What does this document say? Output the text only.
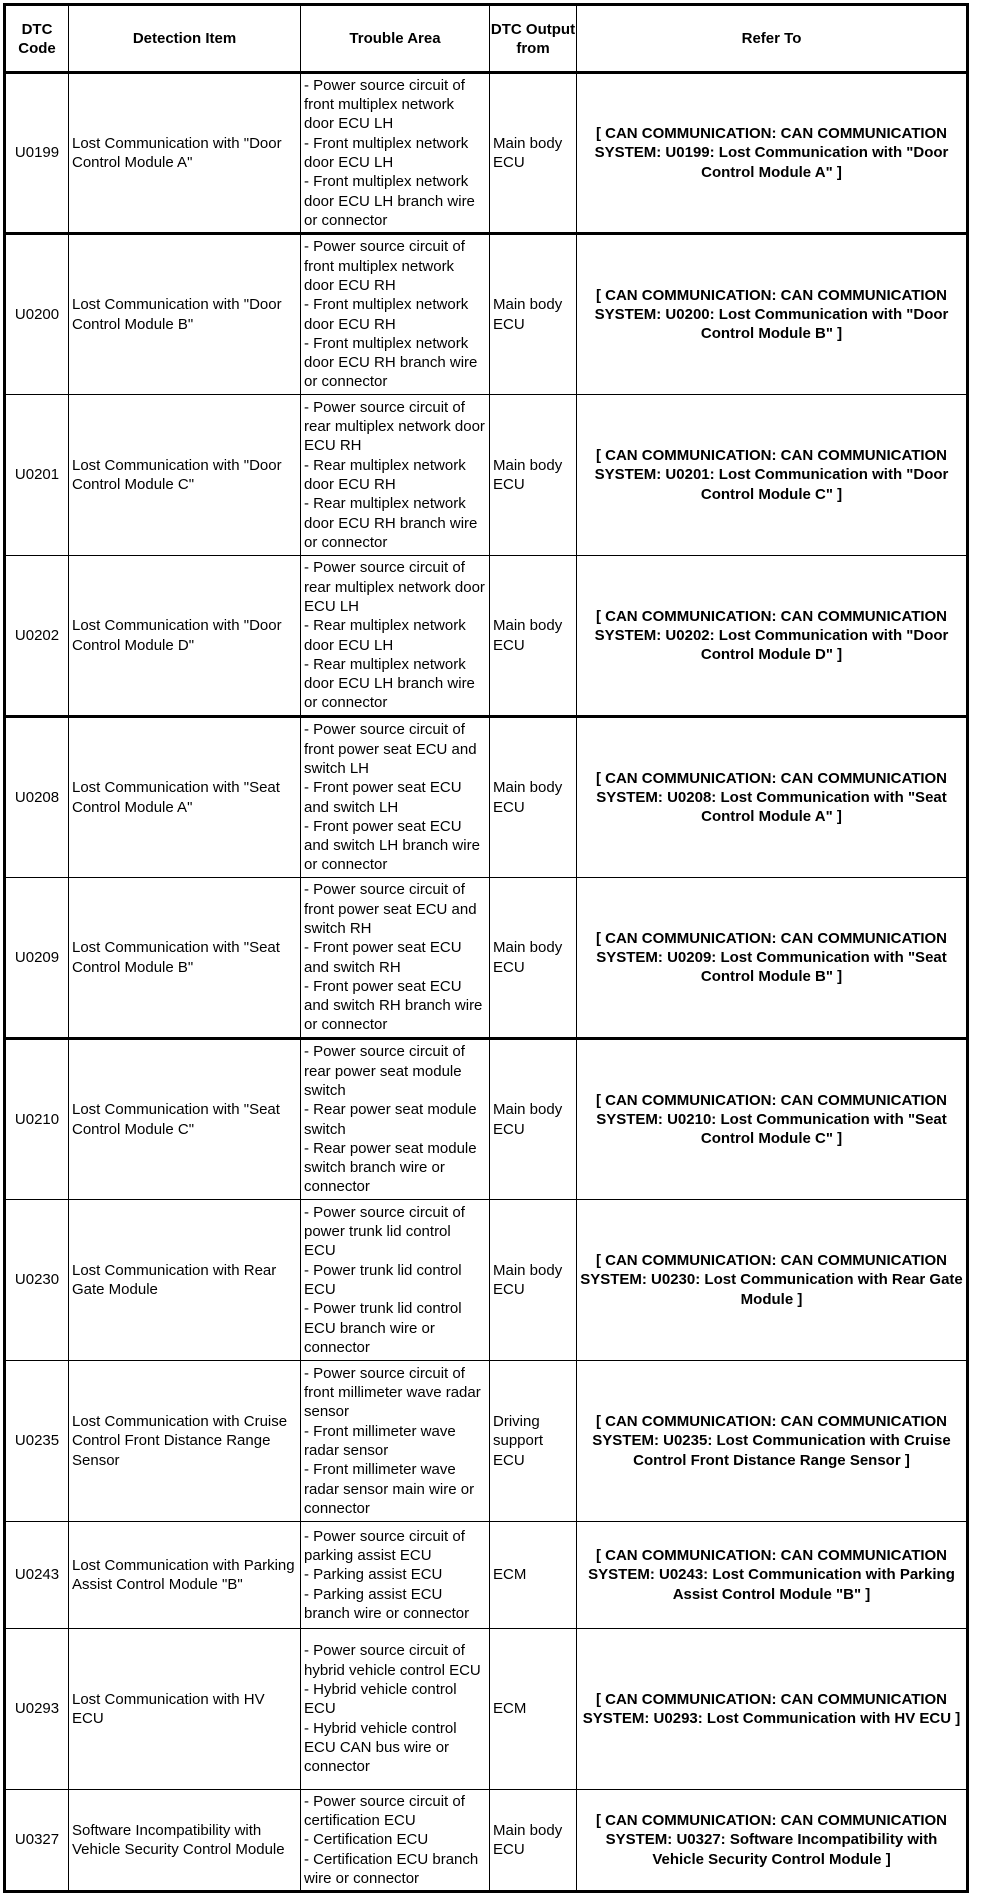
DTC Code	Detection Item	Trouble Area	DTC Output from	Refer To
U0199	Lost Communication with "Door Control Module A"	- Power source circuit of front multiplex network door ECU LH
- Front multiplex network door ECU LH
- Front multiplex network door ECU LH branch wire or connector	Main body ECU	[ CAN COMMUNICATION: CAN COMMUNICATION SYSTEM: U0199: Lost Communication with "Door Control Module A" ]
U0200	Lost Communication with "Door Control Module B"	- Power source circuit of front multiplex network door ECU RH
- Front multiplex network door ECU RH
- Front multiplex network door ECU RH branch wire or connector	Main body ECU	[ CAN COMMUNICATION: CAN COMMUNICATION SYSTEM: U0200: Lost Communication with "Door Control Module B" ]
U0201	Lost Communication with "Door Control Module C"	- Power source circuit of rear multiplex network door ECU RH
- Rear multiplex network door ECU RH
- Rear multiplex network door ECU RH branch wire or connector	Main body ECU	[ CAN COMMUNICATION: CAN COMMUNICATION SYSTEM: U0201: Lost Communication with "Door Control Module C" ]
U0202	Lost Communication with "Door Control Module D"	- Power source circuit of rear multiplex network door ECU LH
- Rear multiplex network door ECU LH
- Rear multiplex network door ECU LH branch wire or connector	Main body ECU	[ CAN COMMUNICATION: CAN COMMUNICATION SYSTEM: U0202: Lost Communication with "Door Control Module D" ]
U0208	Lost Communication with "Seat Control Module A"	- Power source circuit of front power seat ECU and switch LH
- Front power seat ECU and switch LH
- Front power seat ECU and switch LH branch wire or connector	Main body ECU	[ CAN COMMUNICATION: CAN COMMUNICATION SYSTEM: U0208: Lost Communication with "Seat Control Module A" ]
U0209	Lost Communication with "Seat Control Module B"	- Power source circuit of front power seat ECU and switch RH
- Front power seat ECU and switch RH
- Front power seat ECU and switch RH branch wire or connector	Main body ECU	[ CAN COMMUNICATION: CAN COMMUNICATION SYSTEM: U0209: Lost Communication with "Seat Control Module B" ]
U0210	Lost Communication with "Seat Control Module C"	- Power source circuit of rear power seat module switch
- Rear power seat module switch
- Rear power seat module switch branch wire or connector	Main body ECU	[ CAN COMMUNICATION: CAN COMMUNICATION SYSTEM: U0210: Lost Communication with "Seat Control Module C" ]
U0230	Lost Communication with Rear Gate Module	- Power source circuit of power trunk lid control ECU
- Power trunk lid control ECU
- Power trunk lid control ECU branch wire or connector	Main body ECU	[ CAN COMMUNICATION: CAN COMMUNICATION SYSTEM: U0230: Lost Communication with Rear Gate Module ]
U0235	Lost Communication with Cruise Control Front Distance Range Sensor	- Power source circuit of front millimeter wave radar sensor
- Front millimeter wave radar sensor
- Front millimeter wave radar sensor main wire or connector	Driving support ECU	[ CAN COMMUNICATION: CAN COMMUNICATION SYSTEM: U0235: Lost Communication with Cruise Control Front Distance Range Sensor ]
U0243	Lost Communication with Parking Assist Control Module "B"	- Power source circuit of parking assist ECU
- Parking assist ECU
- Parking assist ECU branch wire or connector	ECM	[ CAN COMMUNICATION: CAN COMMUNICATION SYSTEM: U0243: Lost Communication with Parking Assist Control Module "B" ]
U0293	Lost Communication with HV ECU	- Power source circuit of hybrid vehicle control ECU
- Hybrid vehicle control ECU
- Hybrid vehicle control ECU CAN bus wire or connector	ECM	[ CAN COMMUNICATION: CAN COMMUNICATION SYSTEM: U0293: Lost Communication with HV ECU ]
U0327	Software Incompatibility with Vehicle Security Control Module	- Power source circuit of certification ECU
- Certification ECU
- Certification ECU branch wire or connector	Main body ECU	[ CAN COMMUNICATION: CAN COMMUNICATION SYSTEM: U0327: Software Incompatibility with Vehicle Security Control Module ]
